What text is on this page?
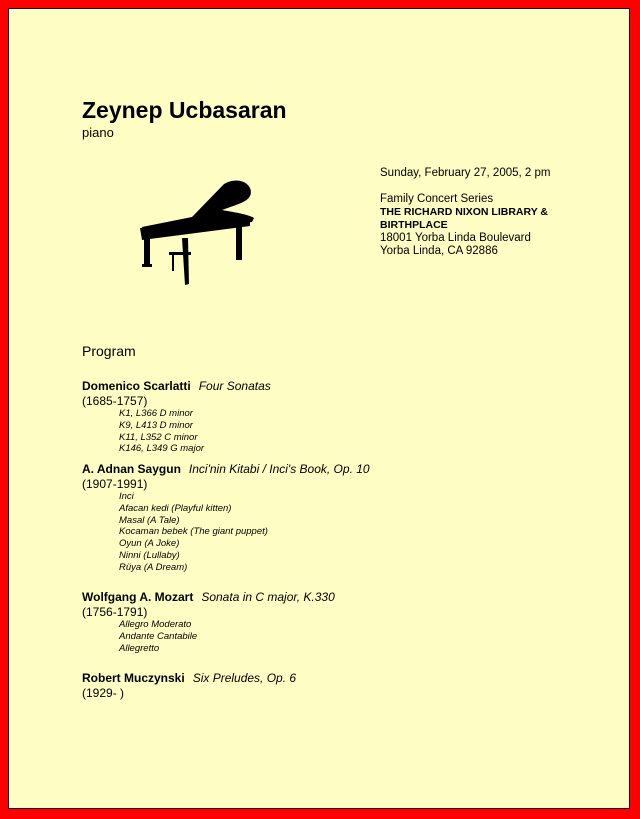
Zeynep Ucbasaran
piano
Sunday, February 27, 2005, 2 pm
Family Concert Series
THE RICHARD NIXON LIBRARY &
BIRTHPLACE
18001 Yorba Linda Boulevard
Yorba Linda, CA 92886
Program
Domenico Scarlatti Four Sonatas
(1685-1757)
K1, L366 D minor
K9, L413 D minor
K11, L352 C minor
K146, L349 G major
A. Adnan Saygun Inci'nin Kitabi / Inci's Book, Op. 10
(1907-1991)
Inci
Afacan kedi (Playful kitten)
Masal (A Tale)
Kocaman bebek (The giant puppet)
Oyun (A Joke)
Ninni (Lullaby)
Rüya (A Dream)
Wolfgang A. Mozart Sonata in C major, K.330
(1756-1791)
Allegro Moderato
Andante Cantabile
Allegretto
Robert Muczynski Six Preludes, Op. 6
(1929- )
